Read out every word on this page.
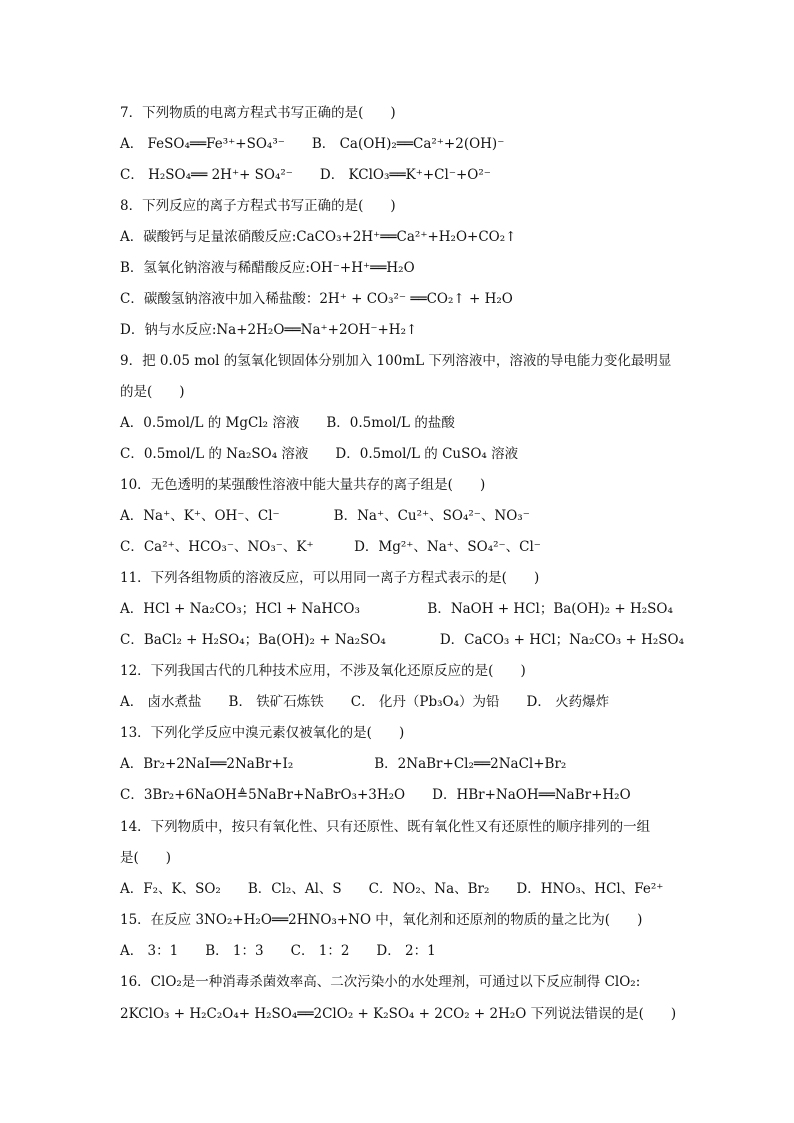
7．下列物质的电离方程式书写正确的是(　　)
A． FeSO₄══Fe³⁺+SO₄³⁻　　B． Ca(OH)₂══Ca²⁺+2(OH)⁻
C． H₂SO₄══ 2H⁺+ SO₄²⁻　　D． KClO₃══K⁺+Cl⁻+O²⁻
8．下列反应的离子方程式书写正确的是(　　)
A．碳酸钙与足量浓硝酸反应:CaCO₃+2H⁺══Ca²⁺+H₂O+CO₂↑
B．氢氧化钠溶液与稀醋酸反应:OH⁻+H⁺══H₂O
C．碳酸氢钠溶液中加入稀盐酸：2H⁺ + CO₃²⁻ ══CO₂↑ + H₂O
D．钠与水反应:Na+2H₂O══Na⁺+2OH⁻+H₂↑
9．把 0.05 mol 的氢氧化钡固体分别加入 100mL 下列溶液中，溶液的导电能力变化最明显
的是(　　)
A．0.5mol/L 的 MgCl₂ 溶液　　B．0.5mol/L 的盐酸
C．0.5mol/L 的 Na₂SO₄ 溶液　　D．0.5mol/L 的 CuSO₄ 溶液
10．无色透明的某强酸性溶液中能大量共存的离子组是(　　)
A．Na⁺、K⁺、OH⁻、Cl⁻　　　　B．Na⁺、Cu²⁺、SO₄²⁻、NO₃⁻
C．Ca²⁺、HCO₃⁻、NO₃⁻、K⁺　　　D．Mg²⁺、Na⁺、SO₄²⁻、Cl⁻
11．下列各组物质的溶液反应，可以用同一离子方程式表示的是(　　)
A．HCl + Na₂CO₃；HCl + NaHCO₃　　　　　B．NaOH + HCl；Ba(OH)₂ + H₂SO₄
C．BaCl₂ + H₂SO₄；Ba(OH)₂ + Na₂SO₄　　　　D．CaCO₃ + HCl；Na₂CO₃ + H₂SO₄
12．下列我国古代的几种技术应用，不涉及氧化还原反应的是(　　)
A． 卤水煮盐　　B． 铁矿石炼铁　　C． 化丹（Pb₃O₄）为铅　　D． 火药爆炸
13．下列化学反应中溴元素仅被氧化的是(　　)
A．Br₂+2NaI══2NaBr+I₂　　　　　　B．2NaBr+Cl₂══2NaCl+Br₂
C．3Br₂+6NaOH≜5NaBr+NaBrO₃+3H₂O　　D．HBr+NaOH══NaBr+H₂O
14．下列物质中，按只有氧化性、只有还原性、既有氧化性又有还原性的顺序排列的一组
是(　　)
A．F₂、K、SO₂　　B．Cl₂、Al、S　　C．NO₂、Na、Br₂　　D．HNO₃、HCl、Fe²⁺
15．在反应 3NO₂+H₂O══2HNO₃+NO 中，氧化剂和还原剂的物质的量之比为(　　)
A． 3：1　　B． 1：3　　C． 1：2　　D． 2：1
16．ClO₂是一种消毒杀菌效率高、二次污染小的水处理剂，可通过以下反应制得 ClO₂:
2KClO₃ + H₂C₂O₄+ H₂SO₄══2ClO₂ + K₂SO₄ + 2CO₂ + 2H₂O 下列说法错误的是(　　)
